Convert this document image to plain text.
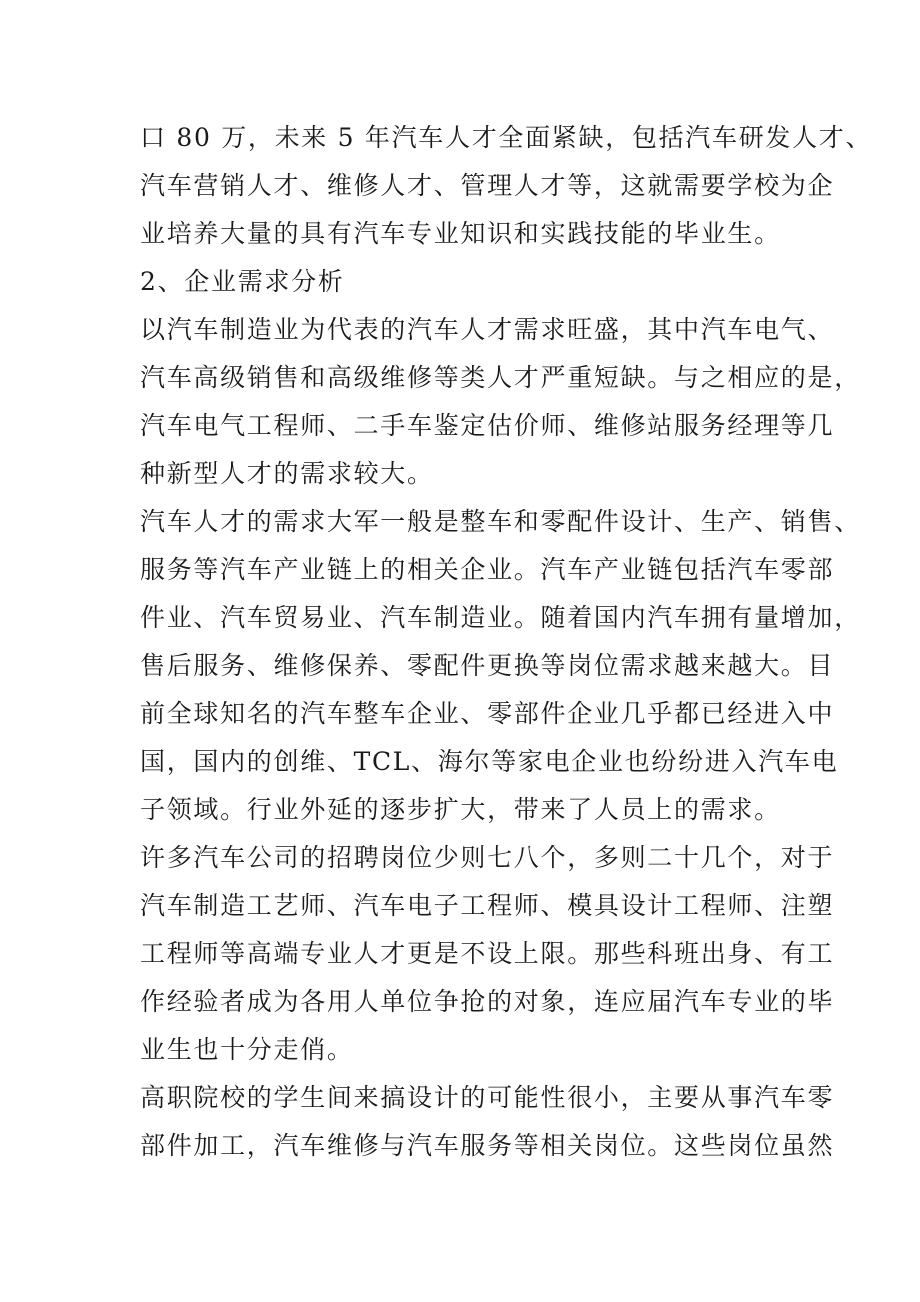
口 80 万，未来 5 年汽车人才全面紧缺，包括汽车研发人才、
汽车营销人才、维修人才、管理人才等，这就需要学校为企
业培养大量的具有汽车专业知识和实践技能的毕业生。
2、企业需求分析
以汽车制造业为代表的汽车人才需求旺盛，其中汽车电气、
汽车高级销售和高级维修等类人才严重短缺。与之相应的是，
汽车电气工程师、二手车鉴定估价师、维修站服务经理等几
种新型人才的需求较大。
汽车人才的需求大军一般是整车和零配件设计、生产、销售、
服务等汽车产业链上的相关企业。汽车产业链包括汽车零部
件业、汽车贸易业、汽车制造业。随着国内汽车拥有量增加，
售后服务、维修保养、零配件更换等岗位需求越来越大。目
前全球知名的汽车整车企业、零部件企业几乎都已经进入中
国，国内的创维、TCL、海尔等家电企业也纷纷进入汽车电
子领域。行业外延的逐步扩大，带来了人员上的需求。
许多汽车公司的招聘岗位少则七八个，多则二十几个，对于
汽车制造工艺师、汽车电子工程师、模具设计工程师、注塑
工程师等高端专业人才更是不设上限。那些科班出身、有工
作经验者成为各用人单位争抢的对象，连应届汽车专业的毕
业生也十分走俏。
高职院校的学生间来搞设计的可能性很小，主要从事汽车零
部件加工，汽车维修与汽车服务等相关岗位。这些岗位虽然
